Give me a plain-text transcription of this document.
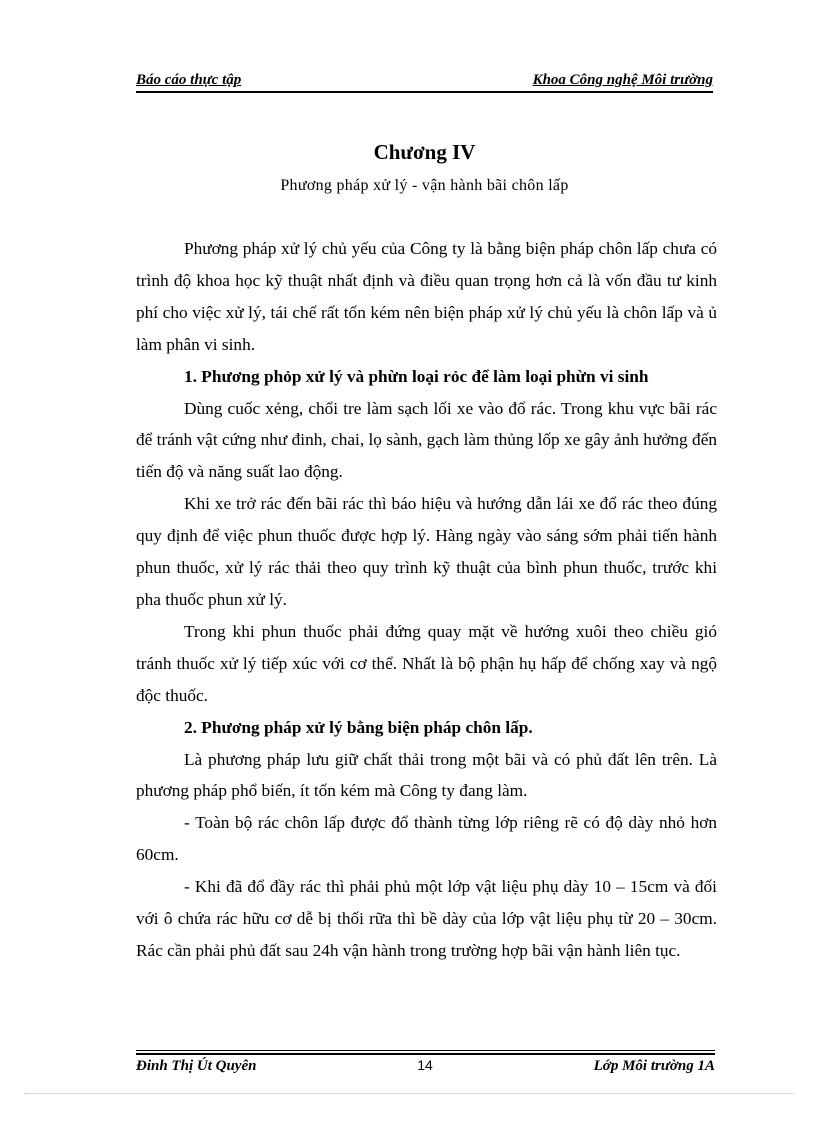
Báo cáo thực tập	Khoa Công nghệ Môi trường
Chương IV
Phương pháp xử lý - vận hành bãi chôn lấp

Phương pháp xử lý chủ yếu của Công ty là bằng biện pháp chôn lấp chưa có trình độ khoa học kỹ thuật nhất định và điều quan trọng hơn cả là vốn đầu tư kinh phí cho việc xử lý, tái chế rất tốn kém nên biện pháp xử lý chủ yếu là chôn lấp và ủ làm phân vi sinh.

1. Phương phỏp xử lý và phừn loại rỏc để làm loại phừn vi sinh

Dùng cuốc xẻng, chổi tre làm sạch lối xe vào đổ rác. Trong khu vực bãi rác để tránh vật cứng như đinh, chai, lọ sành, gạch làm thủng lốp xe gây ảnh hưởng đến tiến độ và năng suất lao động.

Khi xe trở rác đến bãi rác thì báo hiệu và hướng dẫn lái xe đổ rác theo đúng quy định để việc phun thuốc được hợp lý. Hàng ngày vào sáng sớm phải tiến hành phun thuốc, xử lý rác thải theo quy trình kỹ thuật của bình phun thuốc, trước khi pha thuốc phun xử lý.

Trong khi phun thuốc phải đứng quay mặt về hướng xuôi theo chiều gió tránh thuốc xử lý tiếp xúc với cơ thể. Nhất là bộ phận hụ hấp để chống xay và ngộ độc thuốc.

2. Phương pháp xử lý bằng biện pháp chôn lấp.

Là phương pháp lưu giữ chất thải trong một bãi và có phủ đất lên trên. Là phương pháp phổ biến, ít tốn kém mà Công ty đang làm.

- Toàn bộ rác chôn lấp được đổ thành từng lớp riêng rẽ có độ dày nhỏ hơn 60cm.

- Khi đã đổ đầy rác thì phải phủ một lớp vật liệu phụ dày 10 – 15cm và đối với ô chứa rác hữu cơ dễ bị thối rữa thì bề dày của lớp vật liệu phụ từ 20 – 30cm. Rác cần phải phủ đất sau 24h vận hành trong trường hợp bãi vận hành liên tục.

Đinh Thị Út Quyên	14	Lớp Môi trường 1A
